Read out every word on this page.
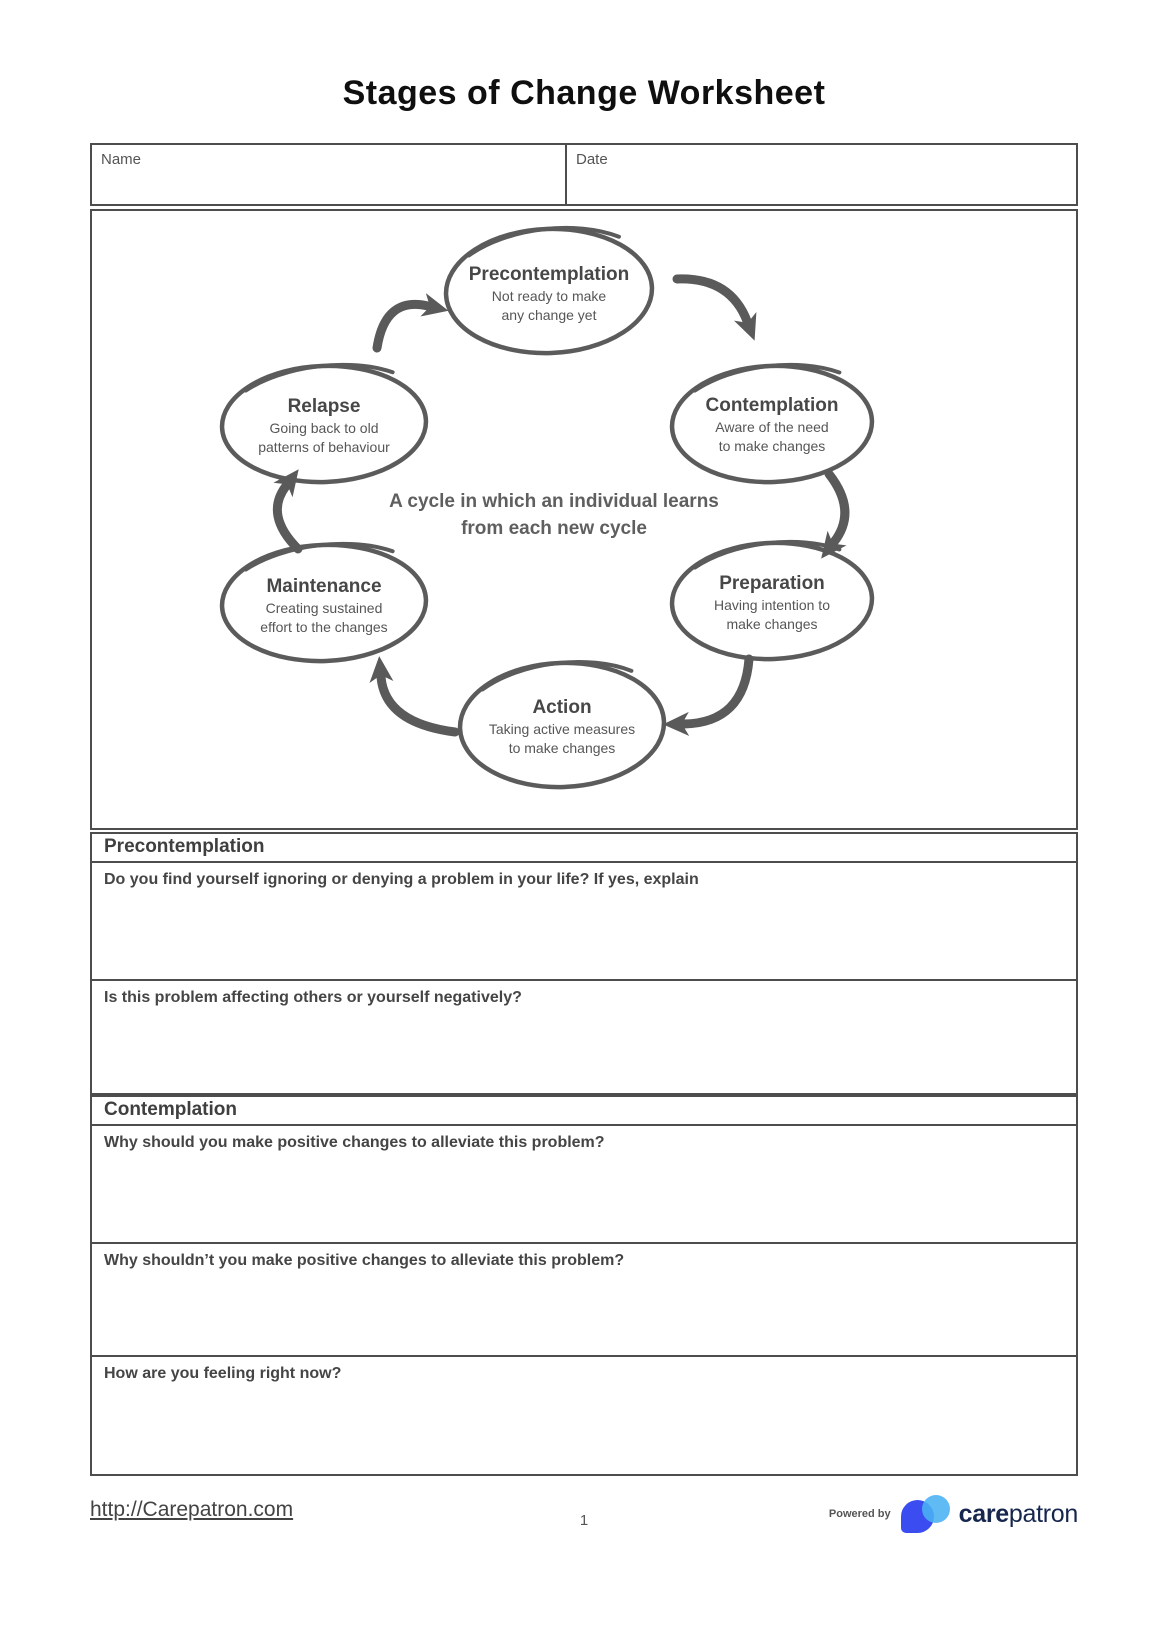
Stages of Change Worksheet
Name	Date
Precontemplation
Not ready to make
any change yet
Contemplation
Aware of the need
to make changes
Preparation
Having intention to
make changes
Action
Taking active measures
to make changes
Maintenance
Creating sustained
effort to the changes
Relapse
Going back to old
patterns of behaviour
A cycle in which an individual learns
from each new cycle
Precontemplation
Do you find yourself ignoring or denying a problem in your life? If yes, explain
Is this problem affecting others or yourself negatively?
Contemplation
Why should you make positive changes to alleviate this problem?
Why shouldn’t you make positive changes to alleviate this problem?
How are you feeling right now?
http://Carepatron.com	1	Powered by	carepatron
